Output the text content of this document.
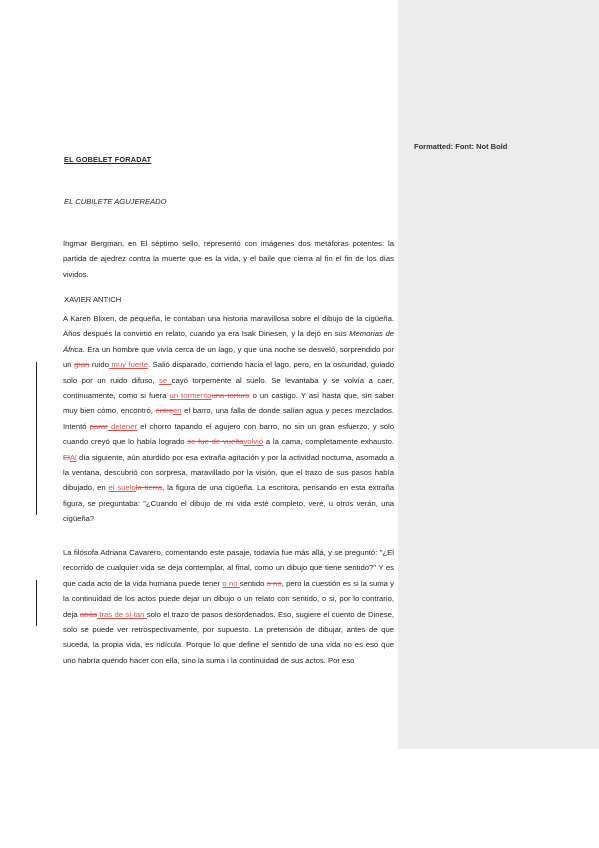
EL GOBELET FORADAT
EL CUBILETE AGUJEREADO
Ingmar Bergman, en El séptimo sello, representó con imágenes dos metáforas potentes: la partida de ajedrez contra la muerte que es la vida, y el baile que cierra al fin el fin de los días vividos.
XAVIER ANTICH
A Karen Blixen, de pequeña, le contaban una historia maravillosa sobre el dibujo de la cigüeña. Años después la convirtió en relato, cuando ya era Isak Dinesen, y la dejó en sus Memorias de África. Era un hombre que vivía cerca de un lago, y que una noche se desveló, sorprendido por un gran ruido muy fuerte. Salió disparado, corriendo hacia el lago, pero, en la oscuridad, guiado solo por un ruido difuso, se cayó torpemente al suelo. Se levantaba y se volvía a caer, continuamente, como si fuera un tormentouna tortura o un castigo. Y así hasta que, sin saber muy bien cómo, encontró, entreen el barro, una falla de donde salían agua y peces mezclados. Intentó parar detener el chorro tapando el agujero con barro, no sin un gran esfuerzo, y solo cuando creyó que lo había logrado se fue de vueltavolvió a la cama, completamente exhausto. ElAl día siguiente, aún aturdido por esa extraña agitación y por la actividad nocturna, asomado a la ventana, descubrió con sorpresa, maravillado por la visión, que el trazo de sus pasos había dibujado, en el suelola tierra, la figura de una cigüeña. La escritora, pensando en esta extraña figura, se preguntaba: "¿Cuando el dibujo de mi vida esté completo, veré, u otros verán, una cigüeña?
La filósofa Adriana Cavarero, comentando este pasaje, todavía fue más allá, y se preguntó: "¿El recorrido de cualquier vida se deja contemplar, al final, como un dibujo que tiene sentido?" Y es que cada acto de la vida humana puede tener o no sentido o no, pero la cuestión es si la suma y la continuidad de los actos puede dejar un dibujo o un relato con sentido, o si, por lo contrario, deja atrás tras de sí tan solo el trazo de pasos desordenados. Eso, sugiere el cuento de Dinese, solo se puede ver retrospectivamente, por supuesto. La pretensión de dibujar, antes de que suceda, la propia vida, es ridícula. Porque lo que define el sentido de una vida no es eso que uno habría querido hacer con ella, sino la suma i la continuidad de sus actos. Por eso
Formatted: Font: Not Bold
